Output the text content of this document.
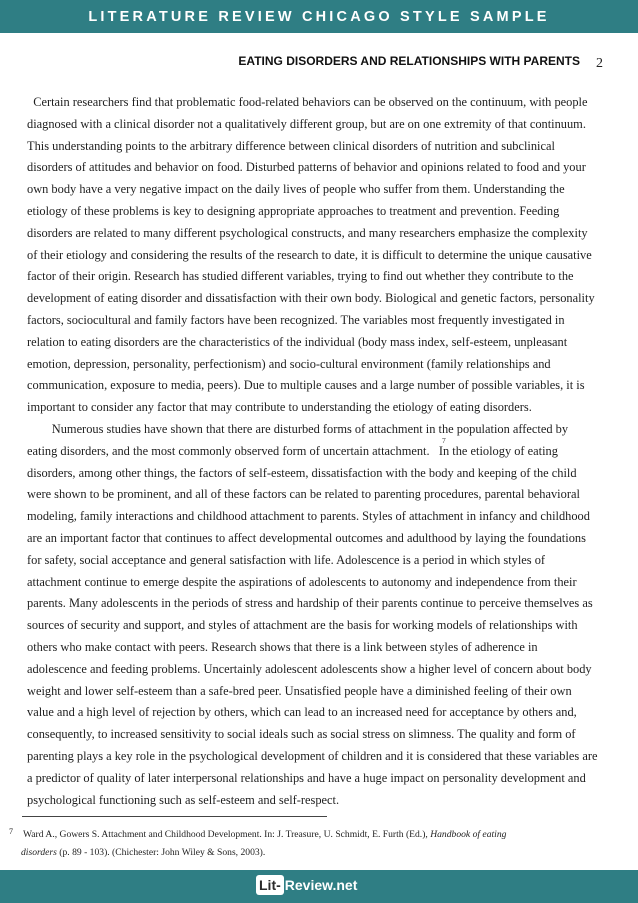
LITERATURE REVIEW CHICAGO STYLE SAMPLE
EATING DISORDERS AND RELATIONSHIPS WITH PARENTS 2
Certain researchers find that problematic food-related behaviors can be observed on the continuum, with people
diagnosed with a clinical disorder not a qualitatively different group, but are on one extremity of that continuum.
This understanding points to the arbitrary difference between clinical disorders of nutrition and subclinical
disorders of attitudes and behavior on food. Disturbed patterns of behavior and opinions related to food and your
own body have a very negative impact on the daily lives of people who suffer from them. Understanding the
etiology of these problems is key to designing appropriate approaches to treatment and prevention. Feeding
disorders are related to many different psychological constructs, and many researchers emphasize the complexity
of their etiology and considering the results of the research to date, it is difficult to determine the unique causative
factor of their origin. Research has studied different variables, trying to find out whether they contribute to the
development of eating disorder and dissatisfaction with their own body. Biological and genetic factors, personality
factors, sociocultural and family factors have been recognized. The variables most frequently investigated in
relation to eating disorders are the characteristics of the individual (body mass index, self-esteem, unpleasant
emotion, depression, personality, perfectionism) and socio-cultural environment (family relationships and
communication, exposure to media, peers). Due to multiple causes and a large number of possible variables, it is
important to consider any factor that may contribute to understanding the etiology of eating disorders.
Numerous studies have shown that there are disturbed forms of attachment in the population affected by
eating disorders, and the most commonly observed form of uncertain attachment.   In the etiology of eating
disorders, among other things, the factors of self-esteem, dissatisfaction with the body and keeping of the child
were shown to be prominent, and all of these factors can be related to parenting procedures, parental behavioral
modeling, family interactions and childhood attachment to parents. Styles of attachment in infancy and childhood
are an important factor that continues to affect developmental outcomes and adulthood by laying the foundations
for safety, social acceptance and general satisfaction with life. Adolescence is a period in which styles of
attachment continue to emerge despite the aspirations of adolescents to autonomy and independence from their
parents. Many adolescents in the periods of stress and hardship of their parents continue to perceive themselves as
sources of security and support, and styles of attachment are the basis for working models of relationships with
others who make contact with peers. Research shows that there is a link between styles of adherence in
adolescence and feeding problems. Uncertainly adolescent adolescents show a higher level of concern about body
weight and lower self-esteem than a safe-bred peer. Unsatisfied people have a diminished feeling of their own
value and a high level of rejection by others, which can lead to an increased need for acceptance by others and,
consequently, to increased sensitivity to social ideals such as social stress on slimness. The quality and form of
parenting plays a key role in the psychological development of children and it is considered that these variables are
a predictor of quality of later interpersonal relationships and have a huge impact on personality development and
psychological functioning such as self-esteem and self-respect.
7
7	Ward A., Gowers S. Attachment and Childhood Development. In: J. Treasure, U. Schmidt, E. Furth (Ed.), Handbook of eating
disorders (p. 89 - 103). (Chichester: John Wiley & Sons, 2003).
Lit- Review.net
